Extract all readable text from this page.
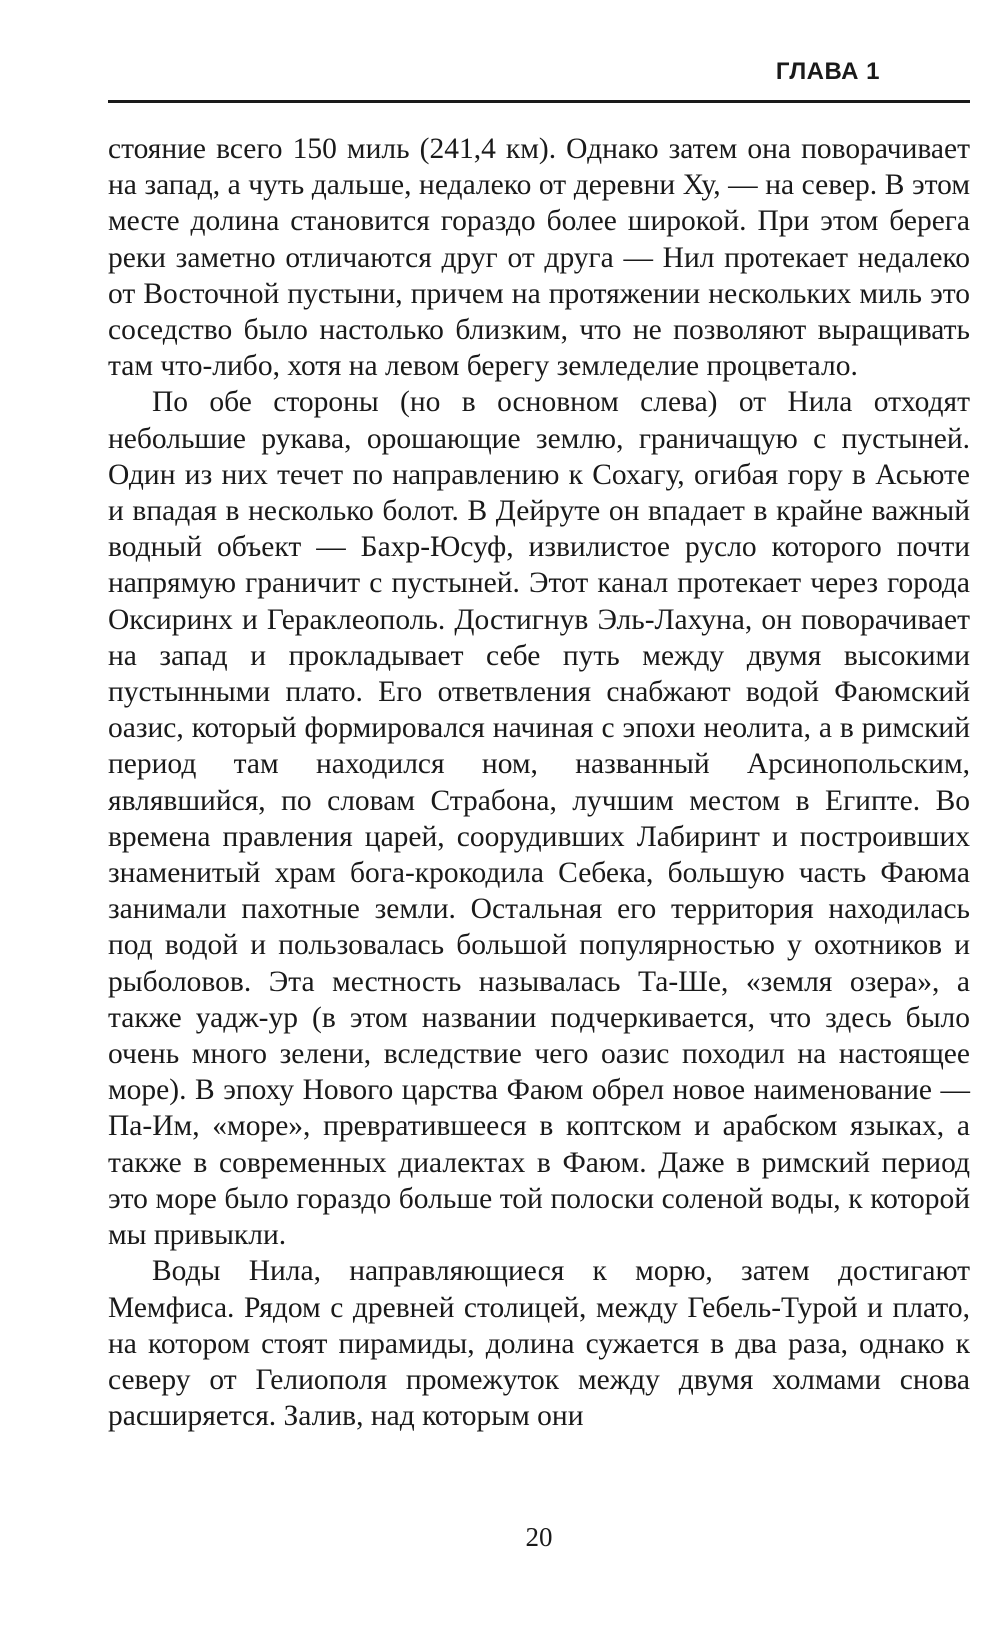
ГЛАВА 1

стояние всего 150 миль (241,4 км). Однако затем она поворачивает на запад, а чуть дальше, недалеко от деревни Ху, — на север. В этом месте долина становится гораздо более широкой. При этом берега реки заметно отличаются друг от друга — Нил протекает недалеко от Восточной пустыни, причем на протяжении нескольких миль это соседство было настолько близким, что не позволяют выращивать там что-либо, хотя на левом берегу земледелие процветало.

По обе стороны (но в основном слева) от Нила отходят небольшие рукава, орошающие землю, граничащую с пустыней. Один из них течет по направлению к Сохагу, огибая гору в Асьюте и впадая в несколько болот. В Дейруте он впадает в крайне важный водный объект — Бахр-Юсуф, извилистое русло которого почти напрямую граничит с пустыней. Этот канал протекает через города Оксиринх и Гераклеополь. Достигнув Эль-Лахуна, он поворачивает на запад и прокладывает себе путь между двумя высокими пустынными плато. Его ответвления снабжают водой Фаюмский оазис, который формировался начиная с эпохи неолита, а в римский период там находился ном, названный Арсинопольским, являвшийся, по словам Страбона, лучшим местом в Египте. Во времена правления царей, соорудивших Лабиринт и построивших знаменитый храм бога-крокодила Себека, большую часть Фаюма занимали пахотные земли. Остальная его территория находилась под водой и пользовалась большой популярностью у охотников и рыболовов. Эта местность называлась Та-Ше, «земля озера», а также уадж-ур (в этом названии подчеркивается, что здесь было очень много зелени, вследствие чего оазис походил на настоящее море). В эпоху Нового царства Фаюм обрел новое наименование — Па-Им, «море», превратившееся в коптском и арабском языках, а также в современных диалектах в Фаюм. Даже в римский период это море было гораздо больше той полоски соленой воды, к которой мы привыкли.

Воды Нила, направляющиеся к морю, затем достигают Мемфиса. Рядом с древней столицей, между Гебель-Турой и плато, на котором стоят пирамиды, долина сужается в два раза, однако к северу от Гелиополя промежуток между двумя холмами снова расширяется. Залив, над которым они

20
